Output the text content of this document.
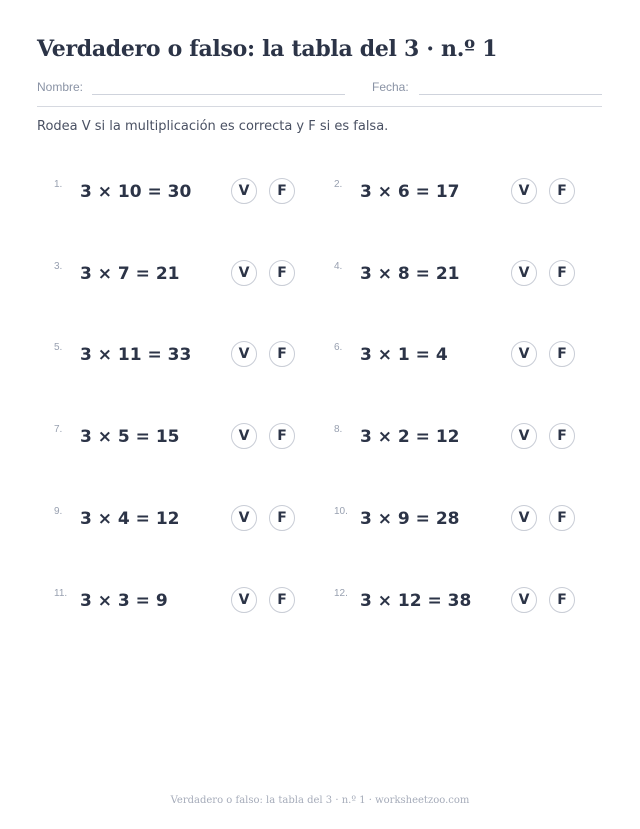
Verdadero o falso: la tabla del 3 · n.º 1
Nombre:	Fecha:
Rodea V si la multiplicación es correcta y F si es falsa.
1. 3 × 10 = 30	V	F	2. 3 × 6 = 17	V	F
3. 3 × 7 = 21	V	F	4. 3 × 8 = 21	V	F
5. 3 × 11 = 33	V	F	6. 3 × 1 = 4	V	F
7. 3 × 5 = 15	V	F	8. 3 × 2 = 12	V	F
9. 3 × 4 = 12	V	F	10. 3 × 9 = 28	V	F
11. 3 × 3 = 9	V	F	12. 3 × 12 = 38	V	F
Verdadero o falso: la tabla del 3 · n.º 1 · worksheetzoo.com
